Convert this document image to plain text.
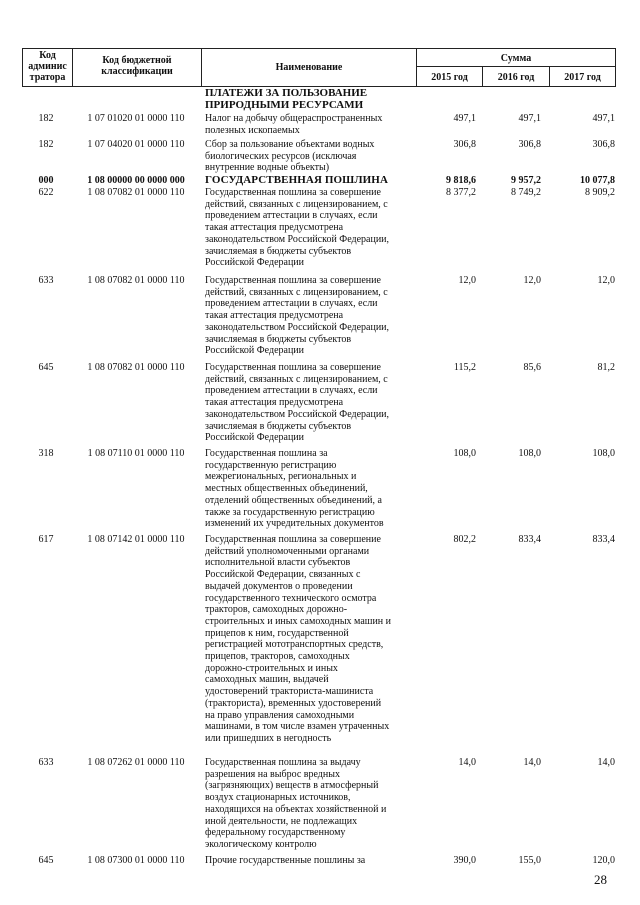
Код
админис
тратора
Код бюджетной
классификации	Наименование
Сумма
2015 год	2016 год	2017 год
ПЛАТЕЖИ ЗА ПОЛЬЗОВАНИЕ
ПРИРОДНЫМИ РЕСУРСАМИ
182	1 07 01020 01 0000 110	Налог на добычу общераспространенных
полезных ископаемых
497,1	497,1	497,1
182	1 07 04020 01 0000 110	Сбор за пользование объектами водных
биологических ресурсов (исключая
внутренние водные объекты)
306,8	306,8	306,8
000	1 08 00000 00 0000 000	ГОСУДАРСТВЕННАЯ ПОШЛИНА	9 818,6	9 957,2	10 077,8
622	1 08 07082 01 0000 110	Государственная пошлина за совершение
действий, связанных с лицензированием, с
проведением аттестации в случаях, если
такая аттестация предусмотрена
законодательством Российской Федерации,
зачисляемая в бюджеты субъектов
Российской Федерации
8 377,2	8 749,2	8 909,2
633	1 08 07082 01 0000 110	Государственная пошлина за совершение
действий, связанных с лицензированием, с
проведением аттестации в случаях, если
такая аттестация предусмотрена
законодательством Российской Федерации,
зачисляемая в бюджеты субъектов
Российской Федерации
12,0	12,0	12,0
645	1 08 07082 01 0000 110	Государственная пошлина за совершение
действий, связанных с лицензированием, с
проведением аттестации в случаях, если
такая аттестация предусмотрена
законодательством Российской Федерации,
зачисляемая в бюджеты субъектов
Российской Федерации
115,2	85,6	81,2
318	1 08 07110 01 0000 110	Государственная пошлина за
государственную регистрацию
межрегиональных, региональных и
местных общественных объединений,
отделений общественных объединений, а
также за государственную регистрацию
изменений их учредительных документов
108,0	108,0	108,0
617	1 08 07142 01 0000 110	Государственная пошлина за совершение
действий уполномоченными органами
исполнительной власти субъектов
Российской Федерации, связанных с
выдачей документов о проведении
государственного технического осмотра
тракторов, самоходных дорожно-
строительных и иных самоходных машин и
прицепов к ним, государственной
регистрацией мототранспортных средств,
прицепов, тракторов, самоходных
дорожно-строительных и иных
самоходных машин, выдачей
удостоверений тракториста-машиниста
(тракториста), временных удостоверений
на право управления самоходными
машинами, в том числе взамен утраченных
или пришедших в негодность
802,2	833,4	833,4
633	1 08 07262 01 0000 110	Государственная пошлина за выдачу
разрешения на выброс вредных
(загрязняющих) веществ в атмосферный
воздух стационарных источников,
находящихся на объектах хозяйственной и
иной деятельности, не подлежащих
федеральному государственному
экологическому контролю
14,0	14,0	14,0
645	1 08 07300 01 0000 110	Прочие государственные пошлины за	390,0	155,0	120,0
28
